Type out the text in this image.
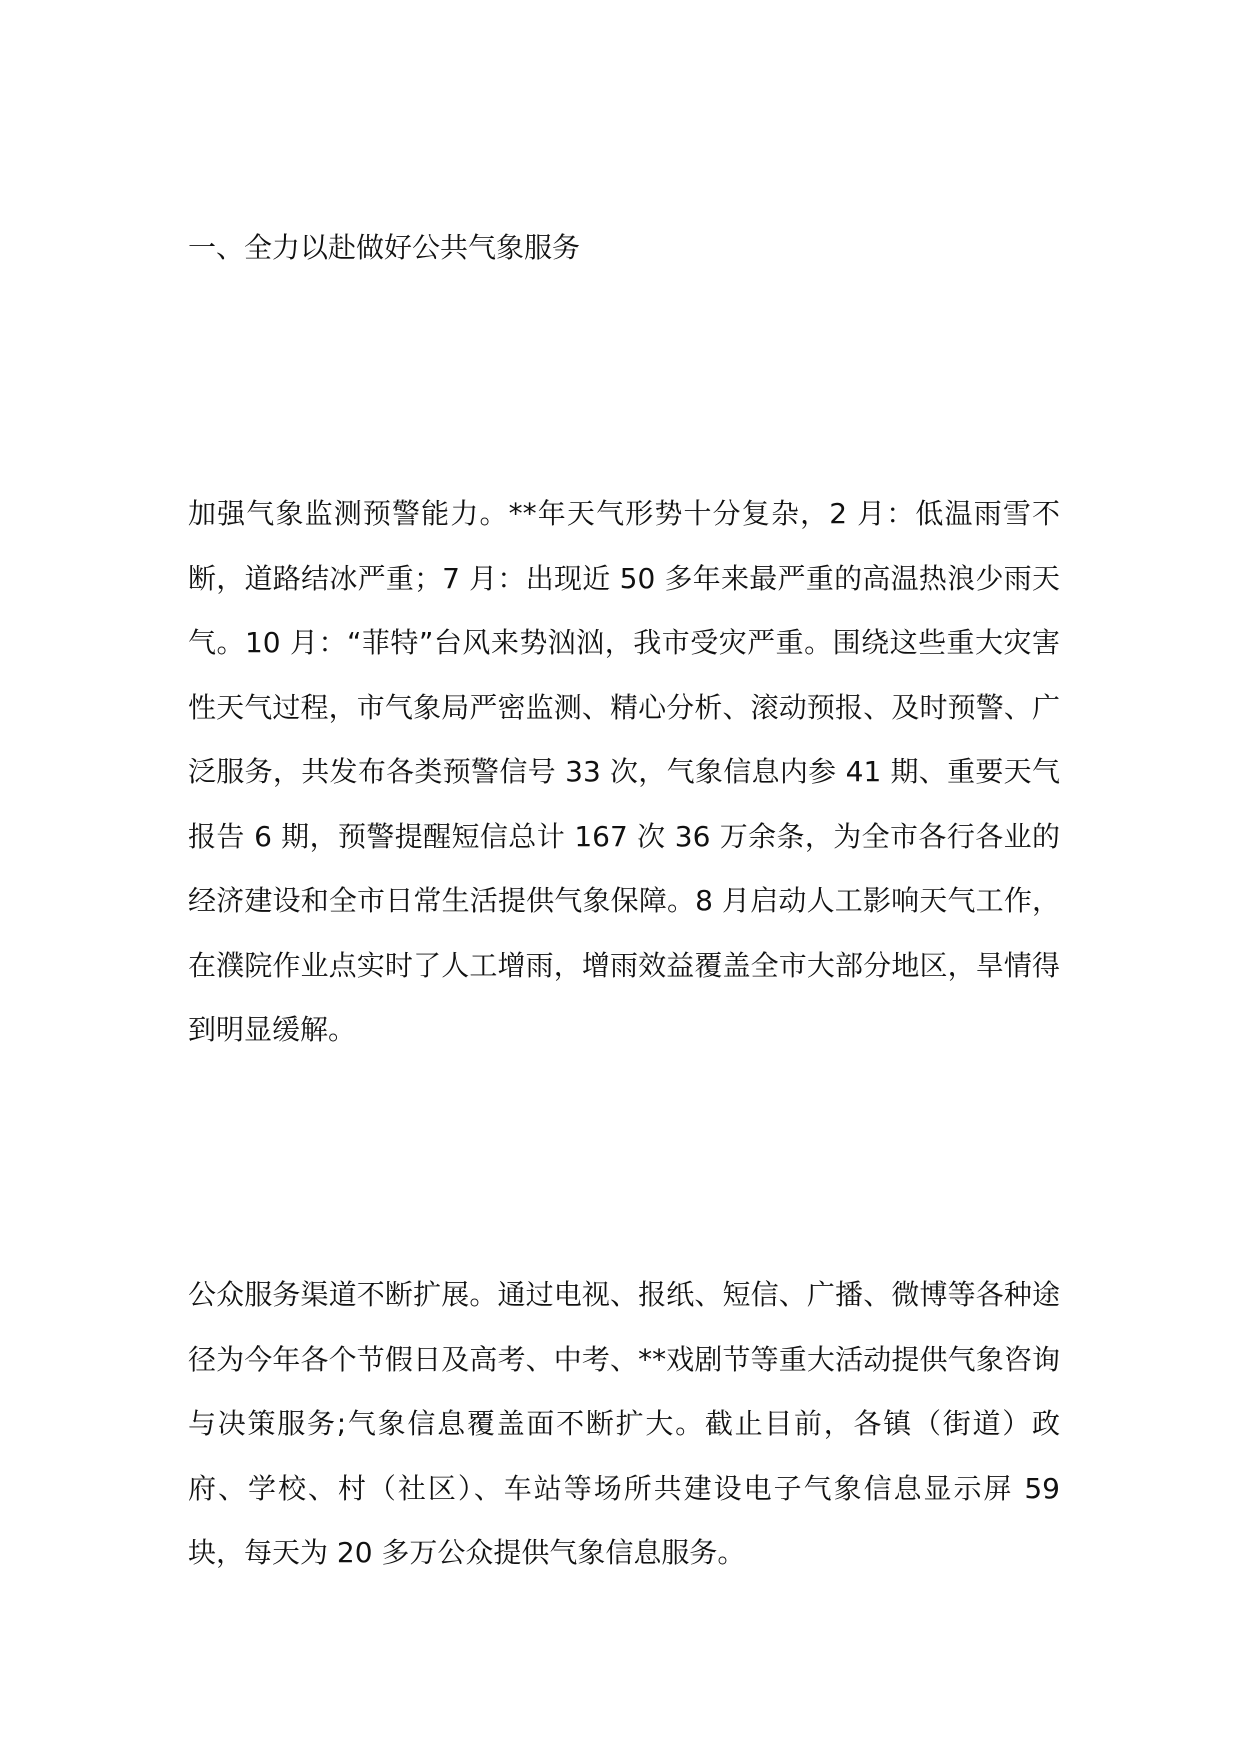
一、全力以赴做好公共气象服务

加强气象监测预警能力。**年天气形势十分复杂，2 月：低温雨雪不断，道路结冰严重；7 月：出现近 50 多年来最严重的高温热浪少雨天气。10 月：“菲特”台风来势汹汹，我市受灾严重。围绕这些重大灾害性天气过程，市气象局严密监测、精心分析、滚动预报、及时预警、广泛服务，共发布各类预警信号 33 次，气象信息内参 41 期、重要天气报告 6 期，预警提醒短信总计 167 次 36 万余条，为全市各行各业的经济建设和全市日常生活提供气象保障。8 月启动人工影响天气工作，在濮院作业点实时了人工增雨，增雨效益覆盖全市大部分地区，旱情得到明显缓解。

公众服务渠道不断扩展。通过电视、报纸、短信、广播、微博等各种途径为今年各个节假日及高考、中考、**戏剧节等重大活动提供气象咨询与决策服务;气象信息覆盖面不断扩大。截止目前，各镇（街道）政府、学校、村（社区）、车站等场所共建设电子气象信息显示屏 59 块，每天为 20 多万公众提供气象信息服务。
